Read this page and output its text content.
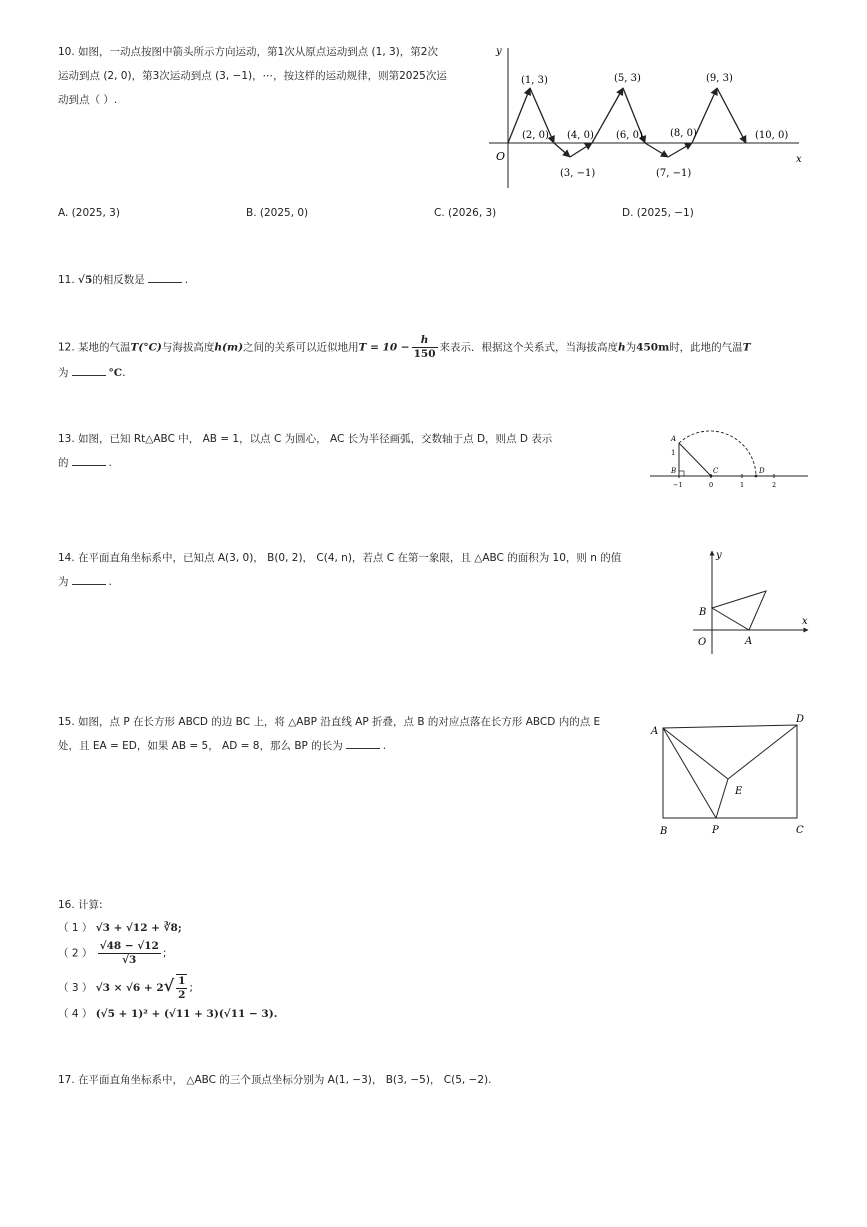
10. 如图，一动点按图中箭头所示方向运动，第1次从原点运动到点 (1, 3)，第2次
运动到点 (2, 0)，第3次运动到点 (3, −1)，⋯，按这样的运动规律，则第2025次运
动到点（ ）.
y
x
O
(1, 3)
(2, 0)
(3, −1)
(4, 0)
(5, 3)
(6, 0)
(7, −1)
(8, 0)
(9, 3)
(10, 0)
A. (2025, 3)	B. (2025, 0)	C. (2026, 3)	D. (2025, −1)
11. √5的相反数是	.
12. 某地的气温T(°C)与海拔高度h(m)之间的关系可以近似地用$T = 10 - \frac{h}{150}$ 来表示．根据这个关系式，当海拔高度h为450m时，此地的气温T
为	°C.
13. 如图，已知 Rt△ABC 中， AB = 1，以点 C 为圆心， AC 长为半径画弧，交数轴于点 D，则点 D 表示
的	.
A
1
B	C	D
−1	0	1	2
14. 在平面直角坐标系中，已知点 A(3, 0)， B(0, 2)， C(4, n)，若点 C 在第一象限，且 △ABC 的面积为 10，则 n 的值
为	.
y
x
O	A
B
15. 如图，点 P 在长方形 ABCD 的边 BC 上，将 △ABP 沿直线 AP 折叠，点 B 的对应点落在长方形 ABCD 内的点 E
处，且 EA = ED，如果 AB = 5， AD = 8，那么 BP 的长为	.
A
D
B	P	C
E
16. 计算:
（ 1 ） √3 + √12 + ∛8;
（ 2 ） $\frac{√48 - √12}{√3}$ ;
（ 3 ） $√3 \times √6 + 2√ \frac{1}{2}$ ;
（ 4 ） (√5 + 1)² + (√11 + 3)(√11 − 3).
17. 在平面直角坐标系中， △ABC 的三个顶点坐标分别为 A(1, −3)， B(3, −5)， C(5, −2).
